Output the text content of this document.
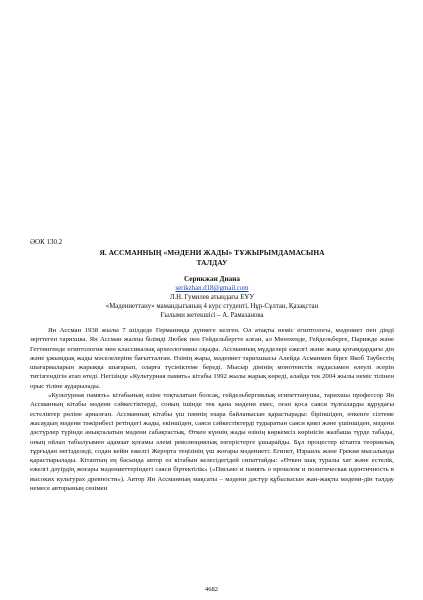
ӘОК 130.2

Я. АССМАННЫҢ «МӘДЕНИ ЖАДЫ» ТҰЖЫРЫМДАМАСЫНА
ТАЛДАУ

Серикжан Диана

serikzhan.d18@gmail.com

Л.Н. Гумилев атындағы ЕҰУ

«Мәдениеттану» мамандығының 4 курс студенті, Нұр-Сұлтан, Қазақстан

Ғылыми жетекшісі – А. Рамазанова

Ян Ассман 1938 жылы 7 шілдеде Германияда дүниеге келген. Ол атақты неміс египтологы, мәдениет пен дінді зерттеген тарихшы. Ян Ассман жалпы білімді Любек пен Гейдельбергте алған, ал Мюнхенде, Гейдельберге, Парижде және Геттингенде египтология мен классикалық археологияны оқыды. Ассманның мүдделері ежелгі және жаңа қоғамдардағы дін және ұжымдық жады мәселелеріне бағытталған. Өзінің жары, мәдениет тарихшысы Алейда Асманмен бірге Якоб Таубестің шығармаларын жарыққа шығарып, оларға түсініктеме береді. Мысыр дінінің монотеистік нұдасымен өлеулі әсерін тигізгендігін атап өтеді. Негізінде «Культурная память» кітабы 1992 жылы жарық көреді, алайда тек 2004 жылы неміс тілінен орыс тіліне аударылады.

«Культурная память» кітабының өзіне тоқталатын болсақ, гейдельбергиялық египеттанушы, тарихшы профессор Ян Ассманның кітабы мәдени сәйкестіктерді, соның ішінде тек қана мәдени емес, оған қоса саяси тұлғаларды құрудағы естеліктер рөліне арналған. Ассманның кітабы үш пәннің өзара байланысын қарастырады: біріншіден, өткенге сілтеме жасаудың мәдени тәжірибесі ретіндегі жады, екіншіден, саяси сәйкестіктерді тудыратын саяси қиял және үшіншіден, мәдени дәстүрлер түрінде анықталатын мәдени сабақтастық. Өткен күннің жады өзінің көркемсіз көрінісін жазбаша түрде табады, оның ойлап табылуымен адамзат қоғамы әлемі революциялық өзгерістерге ұшырайды. Бұл процестер кітапта теориялық тұрғыдан негізделеді, содан кейін ежелгі Жерорта теңізінің үш жоғары мәдениеті: Египет, Израиль және Грекия мысалында қарастырылады. Кітаптың ең басында автор өз кітабын келесідегідей сипаттайды: «Өткен шақ туралы хат және естелік, ежелгі дәуірдің жоғары мәдениеттеріндегі саяси біртектілік» («Письмо и память о прошлом и политическая идентичность в высоких культурах древности»). Автор Ян Ассманның мақсаты – мәдени дәстүр құбылысын жан-жақты мәдени-дін талдау немесе авторының сөзімен

4682
